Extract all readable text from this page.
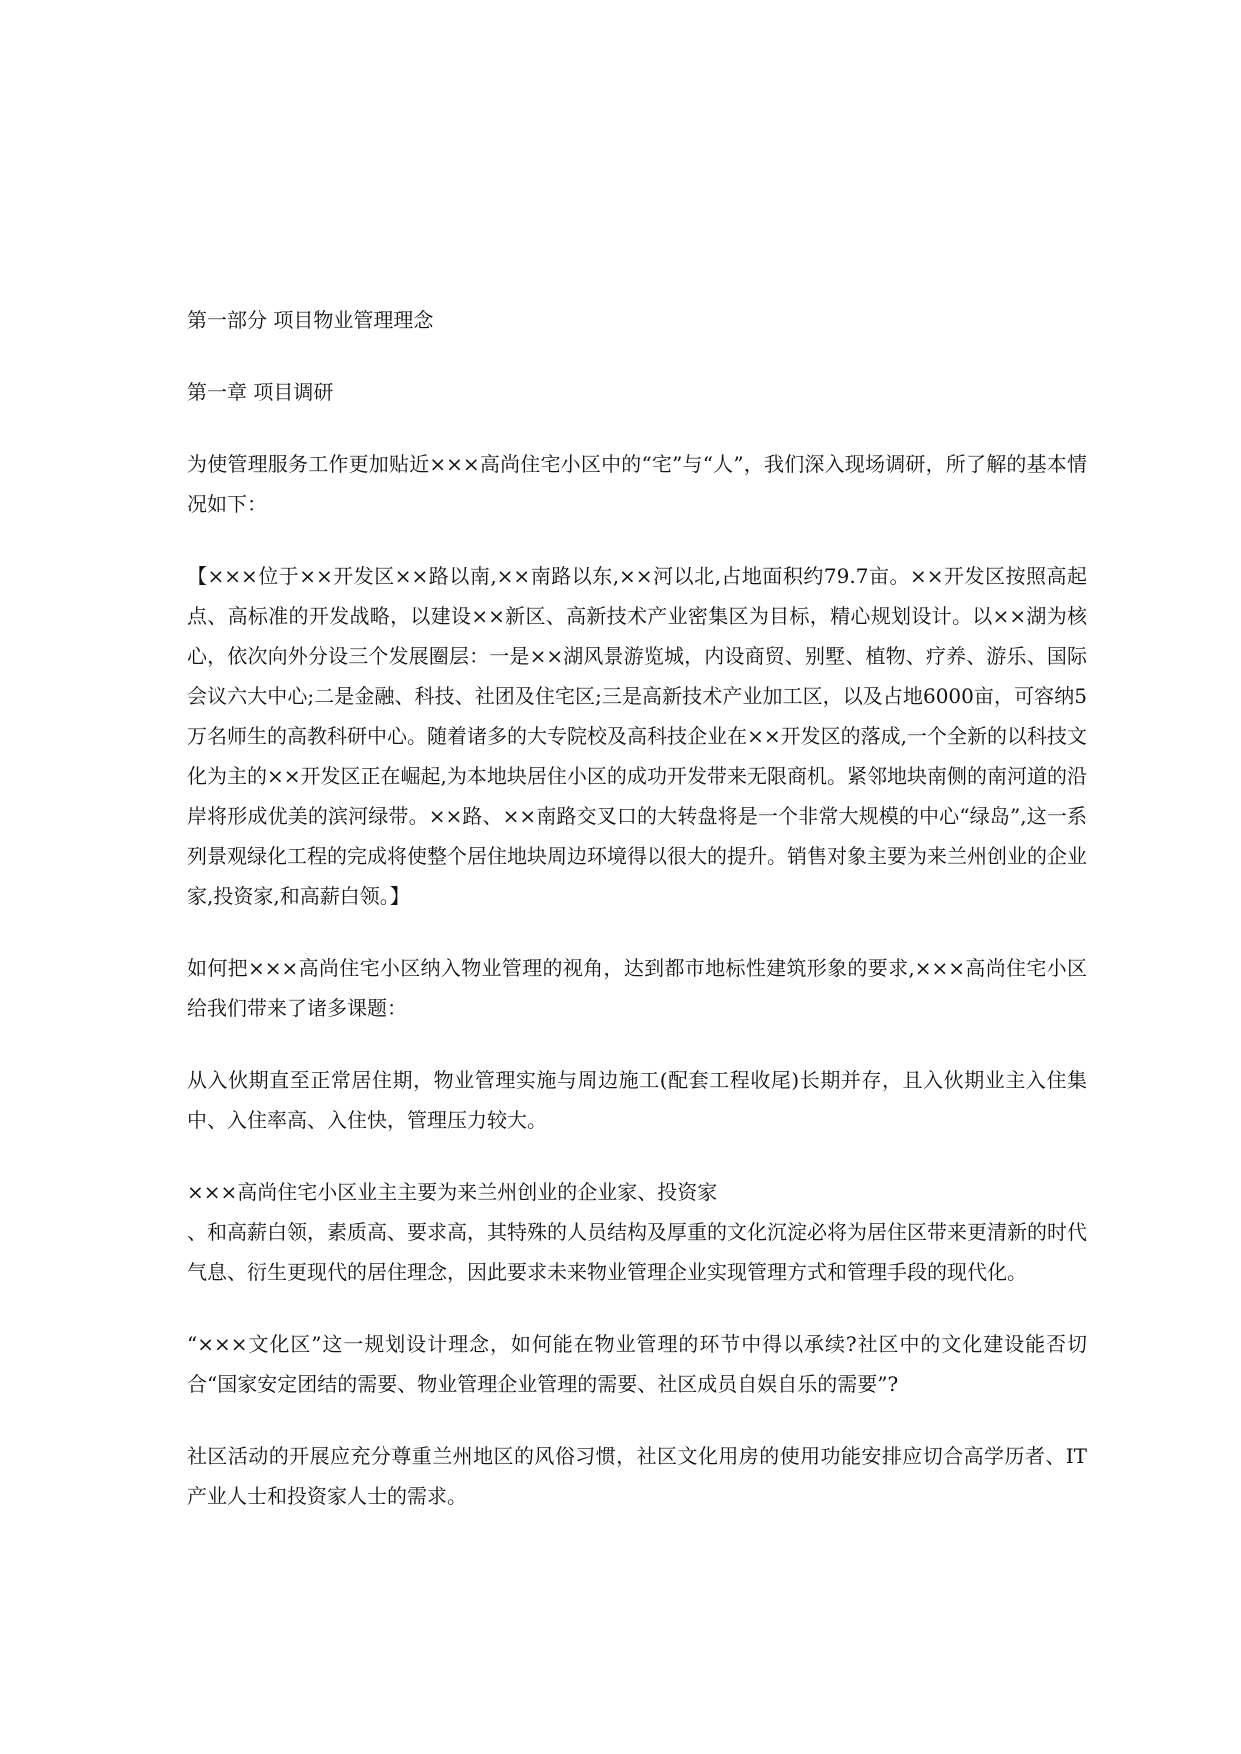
第一部分 项目物业管理理念
第一章 项目调研

为使管理服务工作更加贴近×××高尚住宅小区中的“宅”与“人”，我们深入现场调研，所了解的基本情况如下：

【×××位于××开发区××路以南,××南路以东,××河以北,占地面积约79.7亩。××开发区按照高起点、高标准的开发战略，以建设××新区、高新技术产业密集区为目标，精心规划设计。以××湖为核心，依次向外分设三个发展圈层：一是××湖风景游览城，内设商贸、别墅、植物、疗养、游乐、国际会议六大中心;二是金融、科技、社团及住宅区;三是高新技术产业加工区，以及占地6000亩，可容纳5万名师生的高教科研中心。随着诸多的大专院校及高科技企业在××开发区的落成,一个全新的以科技文化为主的××开发区正在崛起,为本地块居住小区的成功开发带来无限商机。紧邻地块南侧的南河道的沿岸将形成优美的滨河绿带。××路、××南路交叉口的大转盘将是一个非常大规模的中心“绿岛”,这一系列景观绿化工程的完成将使整个居住地块周边环境得以很大的提升。销售对象主要为来兰州创业的企业家,投资家,和高薪白领。】

如何把×××高尚住宅小区纳入物业管理的视角，达到都市地标性建筑形象的要求,×××高尚住宅小区给我们带来了诸多课题：

从入伙期直至正常居住期，物业管理实施与周边施工(配套工程收尾)长期并存，且入伙期业主入住集中、入住率高、入住快，管理压力较大。

×××高尚住宅小区业主主要为来兰州创业的企业家、投资家

、和高薪白领，素质高、要求高，其特殊的人员结构及厚重的文化沉淀必将为居住区带来更清新的时代气息、衍生更现代的居住理念，因此要求未来物业管理企业实现管理方式和管理手段的现代化。

“×××文化区”这一规划设计理念，如何能在物业管理的环节中得以承续?社区中的文化建设能否切合“国家安定团结的需要、物业管理企业管理的需要、社区成员自娱自乐的需要”?

社区活动的开展应充分尊重兰州地区的风俗习惯，社区文化用房的使用功能安排应切合高学历者、IT产业人士和投资家人士的需求。
